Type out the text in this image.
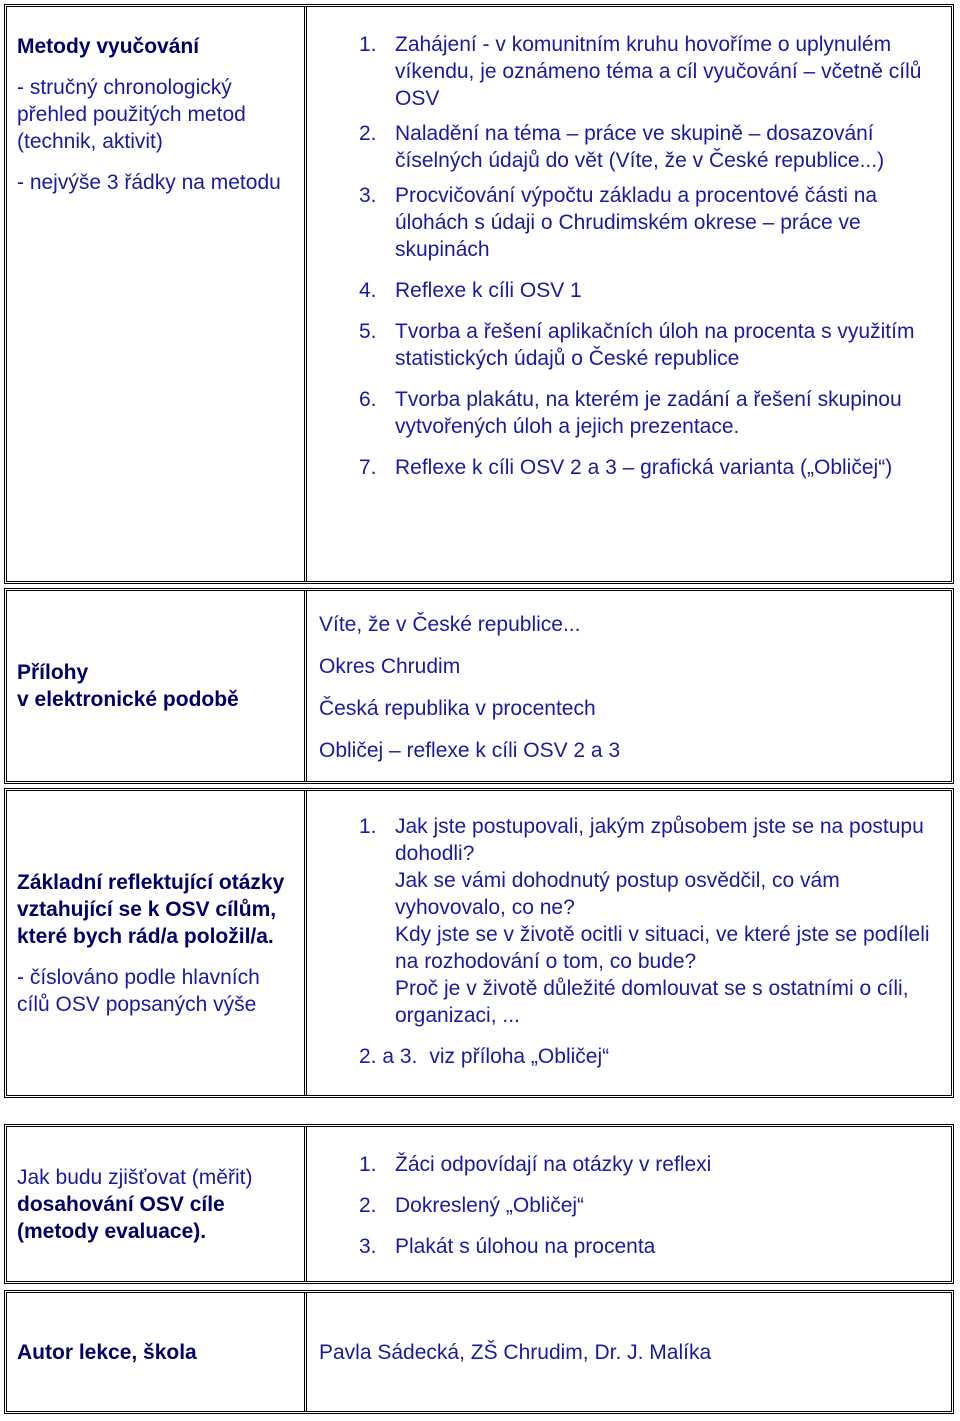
Metody vyučování
- stručný chronologický přehled použitých metod (technik, aktivit)
- nejvýše 3 řádky na metodu
1. Zahájení - v komunitním kruhu hovoříme o uplynulém víkendu, je oznámeno téma a cíl vyučování – včetně cílů OSV
2. Naladění na téma – práce ve skupině – dosazování číselných údajů do vět (Víte, že v České republice...)
3. Procvičování výpočtu základu a procentové části na úlohách s údaji o Chrudimském okrese – práce ve skupinách
4. Reflexe k cíli OSV 1
5. Tvorba a řešení aplikačních úloh na procenta s využitím statistických údajů o České republice
6. Tvorba plakátu, na kterém je zadání a řešení skupinou vytvořených úloh a jejich prezentace.
7. Reflexe k cíli OSV 2 a 3 – grafická varianta („Obličej“)
Přílohy
v elektronické podobě

Víte, že v České republice...

Okres Chrudim

Česká republika v procentech

Obličej – reflexe k cíli OSV 2 a 3

Základní reflektující otázky vztahující se k OSV cílům, které bych rád/a položil/a.
- číslováno podle hlavních cílů OSV popsaných výše
1. Jak jste postupovali, jakým způsobem jste se na postupu dohodli?
Jak se vámi dohodnutý postup osvědčil, co vám vyhovovalo, co ne?
Kdy jste se v životě ocitli v situaci, ve které jste se podíleli na rozhodování o tom, co bude?
Proč je v životě důležité domlouvat se s ostatními o cíli, organizaci, ...
2. a 3. viz příloha „Obličej“
Jak budu zjišťovat (měřit)
dosahování OSV cíle (metody evaluace).
1. Žáci odpovídají na otázky v reflexi
2. Dokreslený „Obličej“
3. Plakát s úlohou na procenta
Autor lekce, škola	Pavla Sádecká, ZŠ Chrudim, Dr. J. Malíka
